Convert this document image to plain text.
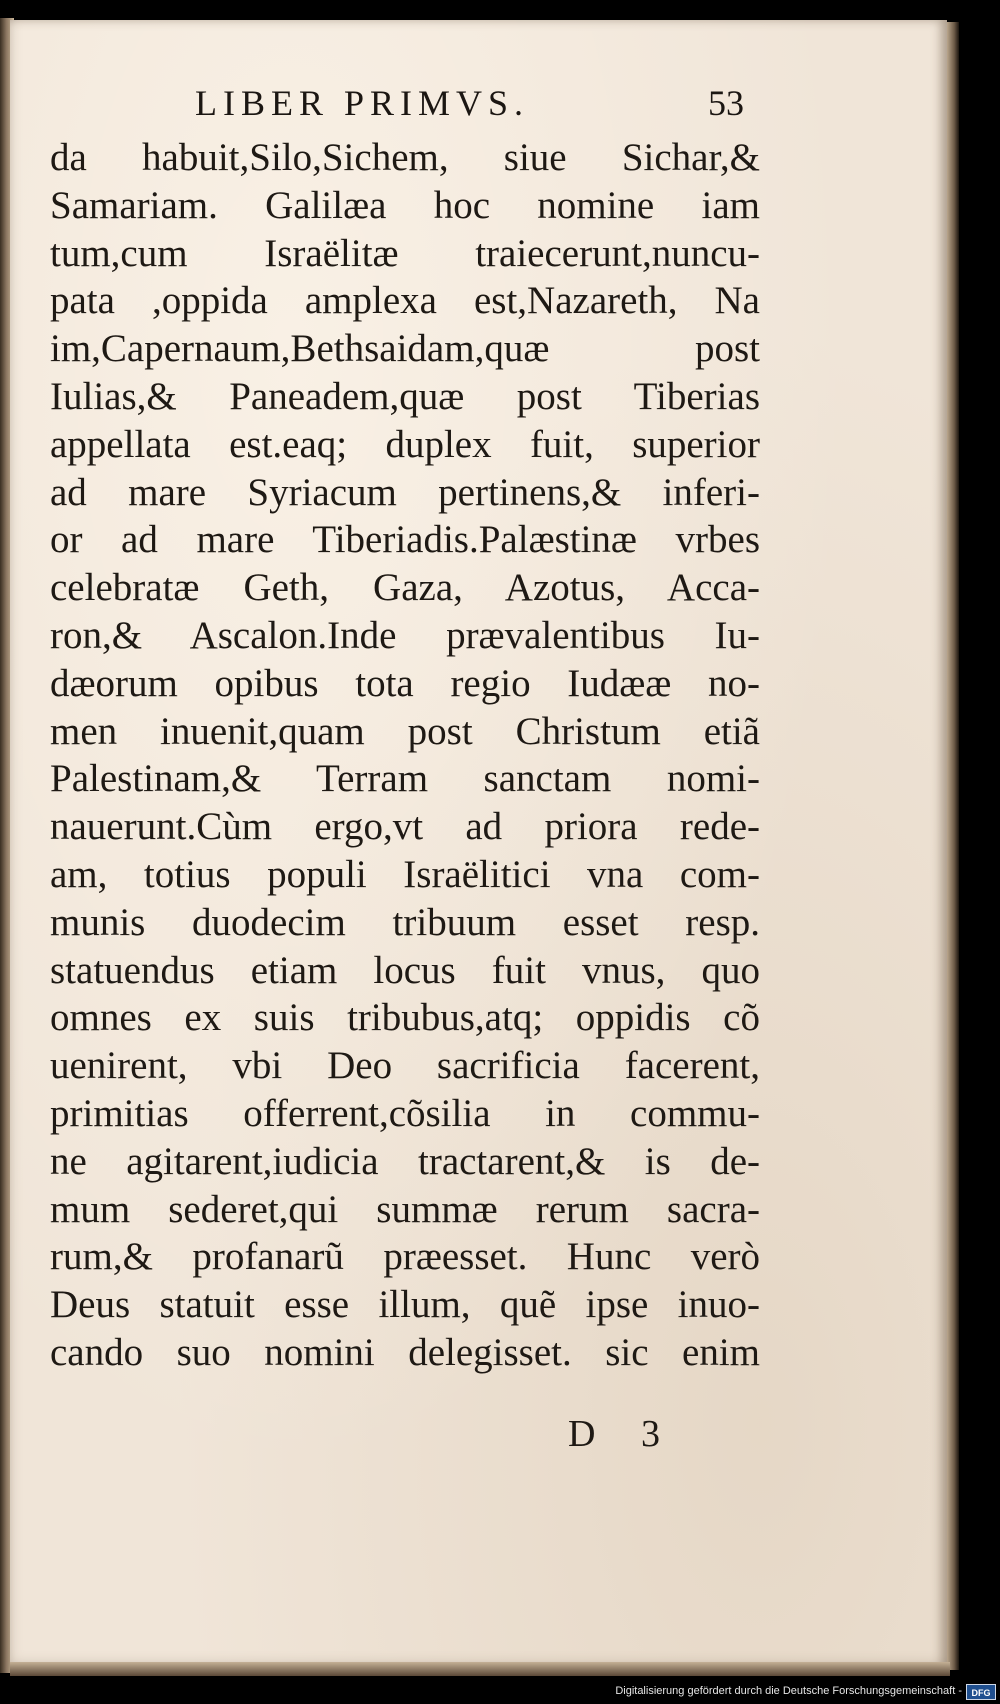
LIBER PRIMVS.	53
da habuit,Silo,Sichem, siue Sichar,&
Samariam. Galilæa hoc nomine iam
tum,cum Israëlitæ traiecerunt,nuncu-
pata ,oppida amplexa est,Nazareth, Na
im,Capernaum,Bethsaidam,quæ post
Iulias,& Paneadem,quæ post Tiberias
appellata est.eaq; duplex fuit, superior
ad mare Syriacum pertinens,& inferi-
or ad mare Tiberiadis.Palæstinæ vrbes
celebratæ Geth, Gaza, Azotus, Acca-
ron,& Ascalon.Inde prævalentibus Iu-
dæorum opibus tota regio Iudææ no-
men inuenit,quam post Christum etiã
Palestinam,& Terram sanctam nomi-
nauerunt.Cùm ergo,vt ad priora rede-
am, totius populi Israëlitici vna com-
munis duodecim tribuum esset resp.
statuendus etiam locus fuit vnus, quo
omnes ex suis tribubus,atq; oppidis cõ
uenirent, vbi Deo sacrificia facerent,
primitias offerrent,cõsilia in commu-
ne agitarent,iudicia tractarent,& is de-
mum sederet,qui summæ rerum sacra-
rum,& profanarũ præesset. Hunc verò
Deus statuit esse illum, quẽ ipse inuo-
cando suo nomini delegisset. sic enim
D 3
Digitalisierung gefördert durch die Deutsche Forschungsgemeinschaft -	DFG
